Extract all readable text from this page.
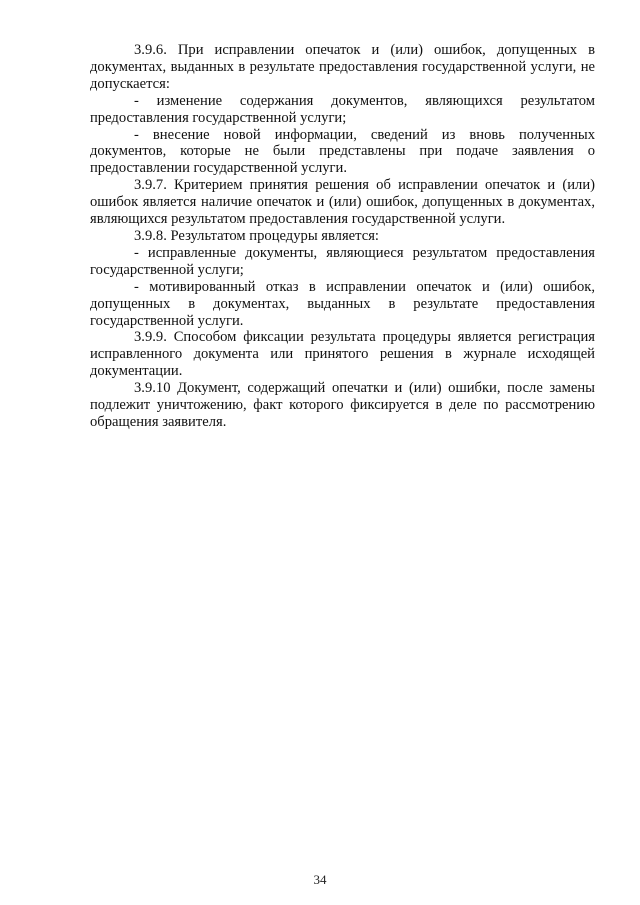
3.9.6. При исправлении опечаток и (или) ошибок, допущенных в документах, выданных в результате предоставления государственной услуги, не допускается:

- изменение содержания документов, являющихся результатом предоставления государственной услуги;

- внесение новой информации, сведений из вновь полученных документов, которые не были представлены при подаче заявления о предоставлении государственной услуги.

3.9.7. Критерием принятия решения об исправлении опечаток и (или) ошибок является наличие опечаток и (или) ошибок, допущенных в документах, являющихся результатом предоставления государственной услуги.

3.9.8. Результатом процедуры является:

- исправленные документы, являющиеся результатом предоставления государственной услуги;

- мотивированный отказ в исправлении опечаток и (или) ошибок, допущенных в документах, выданных в результате предоставления государственной услуги.

3.9.9. Способом фиксации результата процедуры является регистрация исправленного документа или принятого решения в журнале исходящей документации.

3.9.10 Документ, содержащий опечатки и (или) ошибки, после замены подлежит уничтожению, факт которого фиксируется в деле по рассмотрению обращения заявителя.

34
